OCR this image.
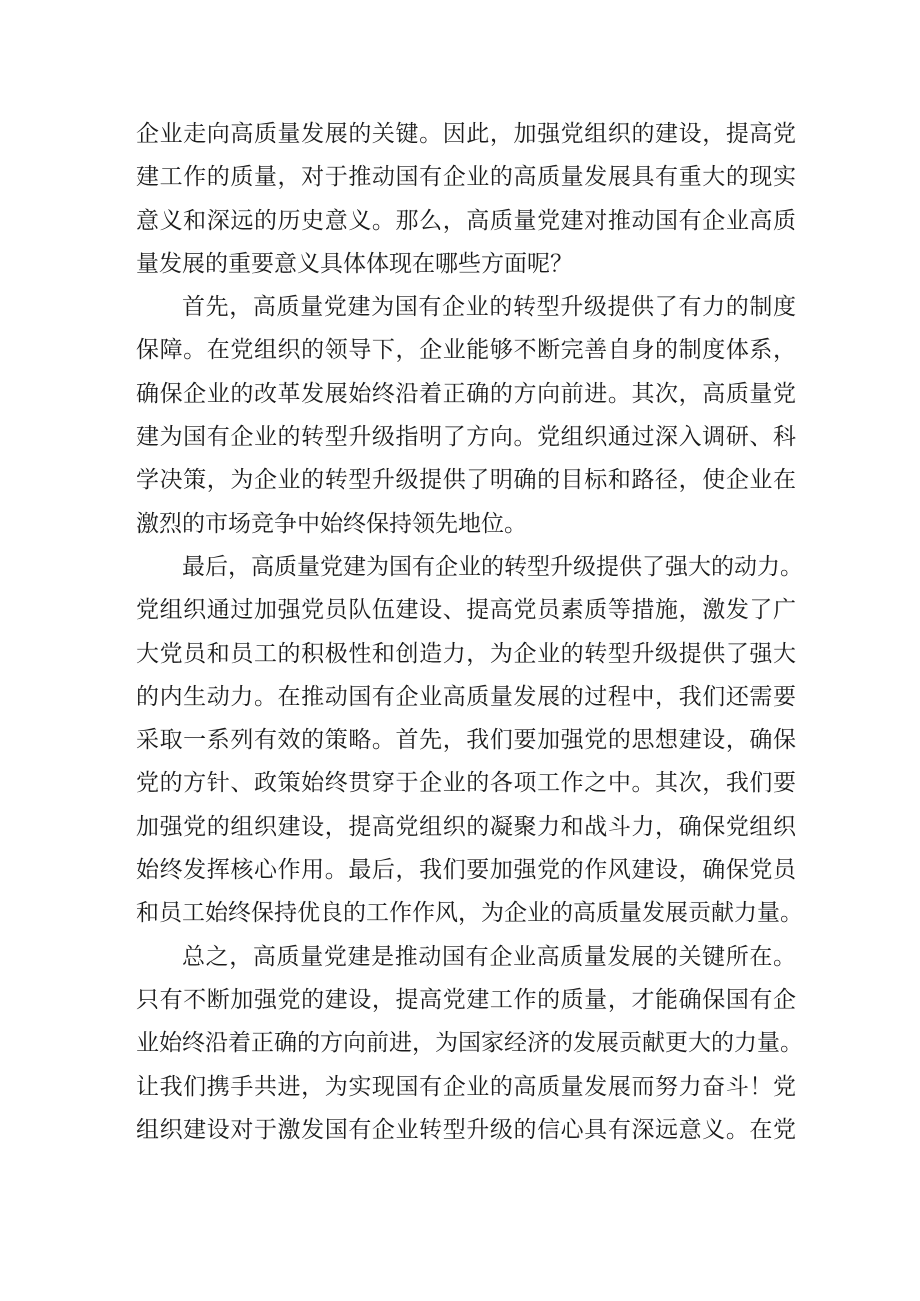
企业走向高质量发展的关键。因此，加强党组织的建设，提高党
建工作的质量，对于推动国有企业的高质量发展具有重大的现实
意义和深远的历史意义。那么，高质量党建对推动国有企业高质
量发展的重要意义具体体现在哪些方面呢？
首先，高质量党建为国有企业的转型升级提供了有力的制度
保障。在党组织的领导下，企业能够不断完善自身的制度体系，
确保企业的改革发展始终沿着正确的方向前进。其次，高质量党
建为国有企业的转型升级指明了方向。党组织通过深入调研、科
学决策，为企业的转型升级提供了明确的目标和路径，使企业在
激烈的市场竞争中始终保持领先地位。
最后，高质量党建为国有企业的转型升级提供了强大的动力。
党组织通过加强党员队伍建设、提高党员素质等措施，激发了广
大党员和员工的积极性和创造力，为企业的转型升级提供了强大
的内生动力。在推动国有企业高质量发展的过程中，我们还需要
采取一系列有效的策略。首先，我们要加强党的思想建设，确保
党的方针、政策始终贯穿于企业的各项工作之中。其次，我们要
加强党的组织建设，提高党组织的凝聚力和战斗力，确保党组织
始终发挥核心作用。最后，我们要加强党的作风建设，确保党员
和员工始终保持优良的工作作风，为企业的高质量发展贡献力量。
总之，高质量党建是推动国有企业高质量发展的关键所在。
只有不断加强党的建设，提高党建工作的质量，才能确保国有企
业始终沿着正确的方向前进，为国家经济的发展贡献更大的力量。
让我们携手共进，为实现国有企业的高质量发展而努力奋斗！党
组织建设对于激发国有企业转型升级的信心具有深远意义。在党
